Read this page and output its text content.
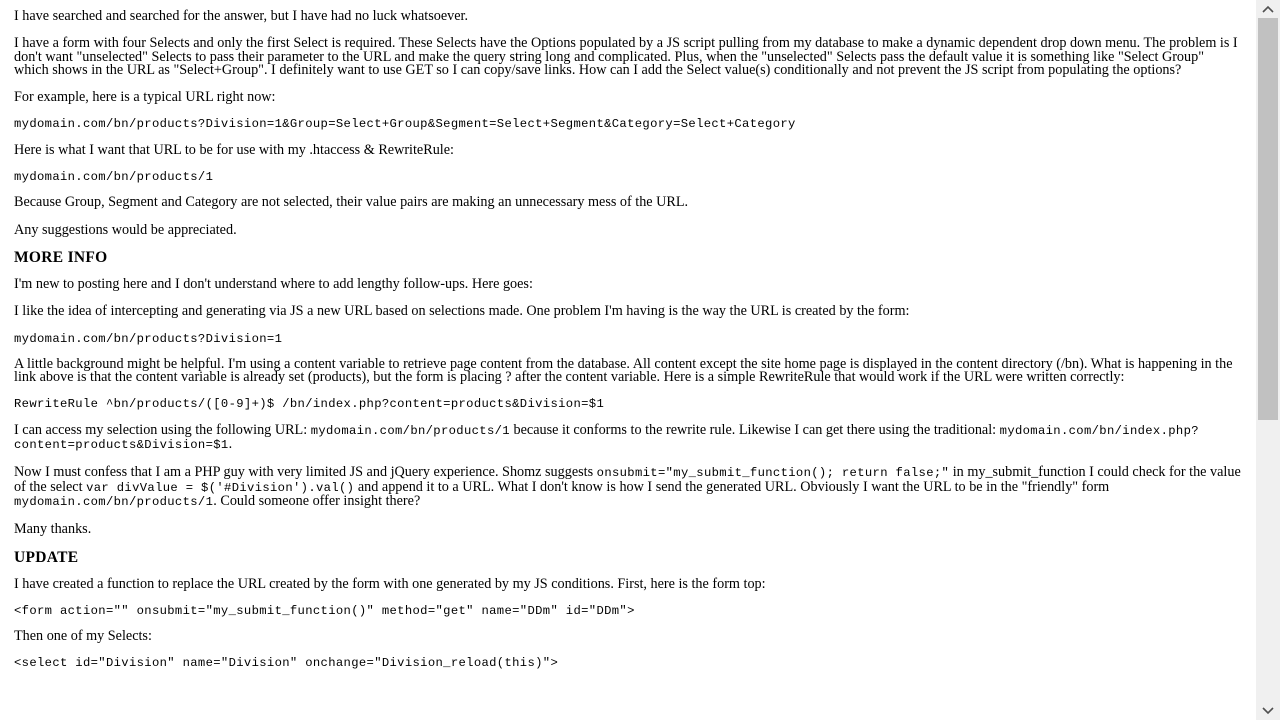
I have searched and searched for the answer, but I have had no luck whatsoever.

I have a form with four Selects and only the first Select is required. These Selects have the Options populated by a JS script pulling from my database to make a dynamic dependent drop down menu. The problem is I don't want "unselected" Selects to pass their parameter to the URL and make the query string long and complicated. Plus, when the "unselected" Selects pass the default value it is something like "Select Group" which shows in the URL as "Select+Group". I definitely want to use GET so I can copy/save links. How can I add the Select value(s) conditionally and not prevent the JS script from populating the options?

For example, here is a typical URL right now:

mydomain.com/bn/products?Division=1&Group=Select+Group&Segment=Select+Segment&Category=Select+Category

Here is what I want that URL to be for use with my .htaccess & RewriteRule:

mydomain.com/bn/products/1

Because Group, Segment and Category are not selected, their value pairs are making an unnecessary mess of the URL.

Any suggestions would be appreciated.

MORE INFO

I'm new to posting here and I don't understand where to add lengthy follow-ups. Here goes:

I like the idea of intercepting and generating via JS a new URL based on selections made. One problem I'm having is the way the URL is created by the form:

mydomain.com/bn/products?Division=1

A little background might be helpful. I'm using a content variable to retrieve page content from the database. All content except the site home page is displayed in the content directory (/bn). What is happening in the link above is that the content variable is already set (products), but the form is placing ? after the content variable. Here is a simple RewriteRule that would work if the URL were written correctly:

RewriteRule ^bn/products/([0-9]+)$ /bn/index.php?content=products&Division=$1

I can access my selection using the following URL: mydomain.com/bn/products/1 because it conforms to the rewrite rule. Likewise I can get there using the traditional: mydomain.com/bn/index.php?content=products&Division=$1.

Now I must confess that I am a PHP guy with very limited JS and jQuery experience. Shomz suggests onsubmit="my_submit_function(); return false;" in my_submit_function I could check for the value of the select var divValue = $('#Division').val() and append it to a URL. What I don't know is how I send the generated URL. Obviously I want the URL to be in the "friendly" form mydomain.com/bn/products/1. Could someone offer insight there?

Many thanks.

UPDATE

I have created a function to replace the URL created by the form with one generated by my JS conditions. First, here is the form top:

<form action="" onsubmit="my_submit_function()" method="get" name="DDm" id="DDm">

Then one of my Selects:

<select id="Division" name="Division" onchange="Division_reload(this)">
